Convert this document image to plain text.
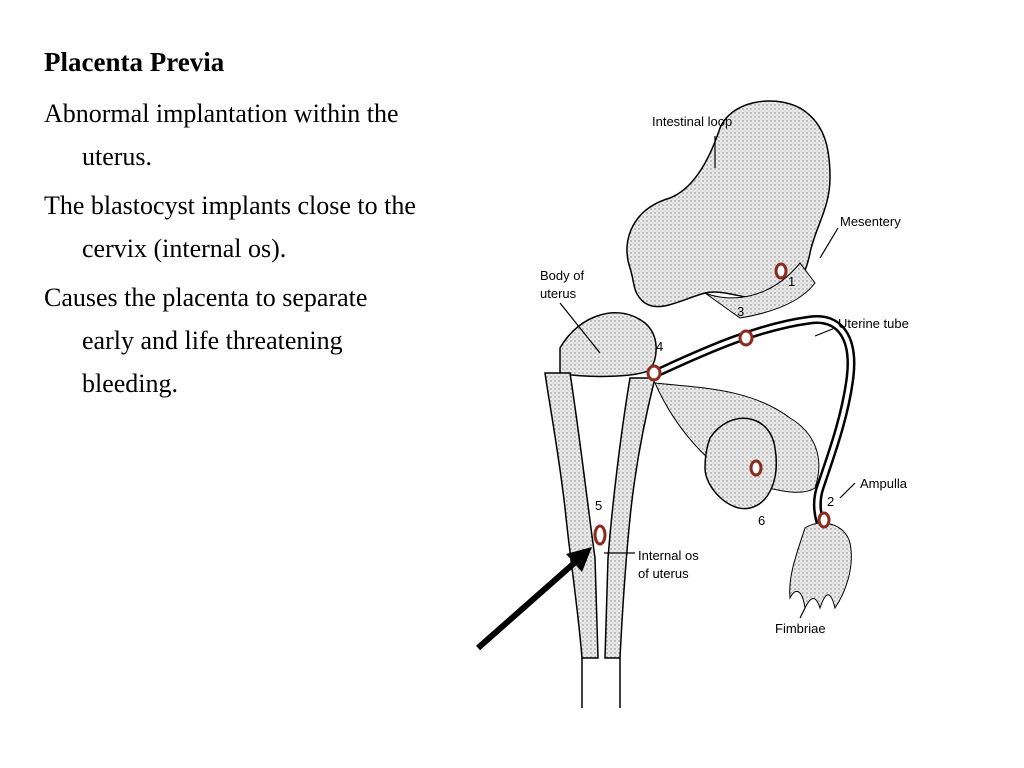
Placenta Previa
Abnormal implantation within the uterus.
The blastocyst implants close to the cervix (internal os).
Causes the placenta to separate early and life threatening bleeding.
Intestinal loop
Mesentery
Body of
uterus
Uterine tube
Ampulla
Internal os
of uterus
Fimbriae
1
2
3
4
5
6
